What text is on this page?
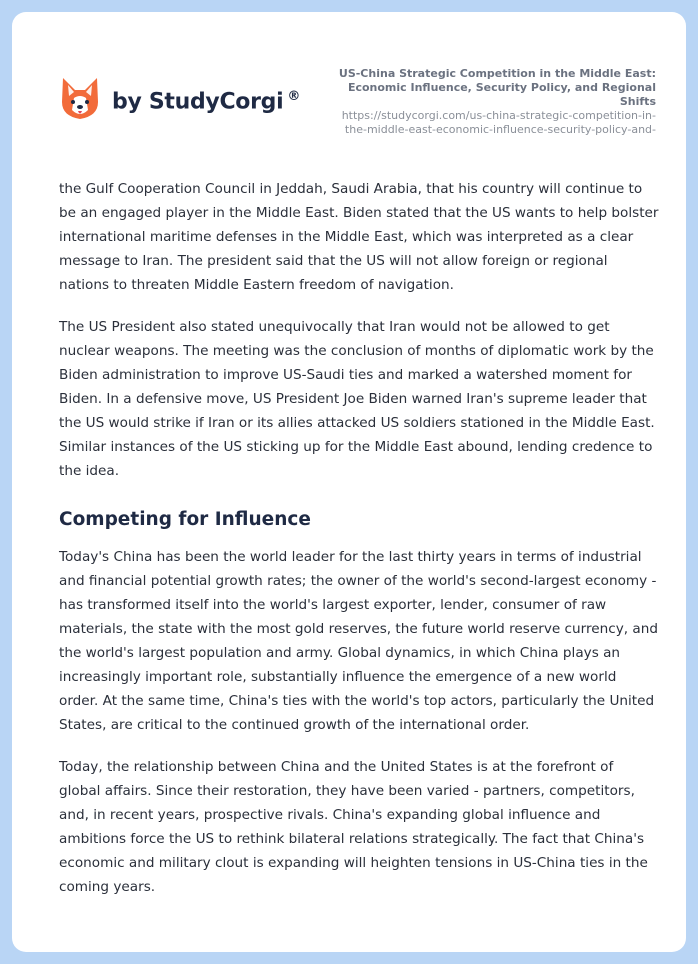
by StudyCorgi ®
US-China Strategic Competition in the Middle East:
Economic Influence, Security Policy, and Regional Shifts
https://studycorgi.com/us-china-strategic-competition-in-
the-middle-east-economic-influence-security-policy-and-

the Gulf Cooperation Council in Jeddah, Saudi Arabia, that his country will continue to be an engaged player in the Middle East. Biden stated that the US wants to help bolster international maritime defenses in the Middle East, which was interpreted as a clear message to Iran. The president said that the US will not allow foreign or regional nations to threaten Middle Eastern freedom of navigation.

The US President also stated unequivocally that Iran would not be allowed to get nuclear weapons. The meeting was the conclusion of months of diplomatic work by the Biden administration to improve US-Saudi ties and marked a watershed moment for Biden. In a defensive move, US President Joe Biden warned Iran's supreme leader that the US would strike if Iran or its allies attacked US soldiers stationed in the Middle East. Similar instances of the US sticking up for the Middle East abound, lending credence to the idea.

Competing for Influence

Today's China has been the world leader for the last thirty years in terms of industrial and financial potential growth rates; the owner of the world's second-largest economy - has transformed itself into the world's largest exporter, lender, consumer of raw materials, the state with the most gold reserves, the future world reserve currency, and the world's largest population and army. Global dynamics, in which China plays an increasingly important role, substantially influence the emergence of a new world order. At the same time, China's ties with the world's top actors, particularly the United States, are critical to the continued growth of the international order.

Today, the relationship between China and the United States is at the forefront of global affairs. Since their restoration, they have been varied - partners, competitors, and, in recent years, prospective rivals. China's expanding global influence and ambitions force the US to rethink bilateral relations strategically. The fact that China's economic and military clout is expanding will heighten tensions in US-China ties in the coming years.
